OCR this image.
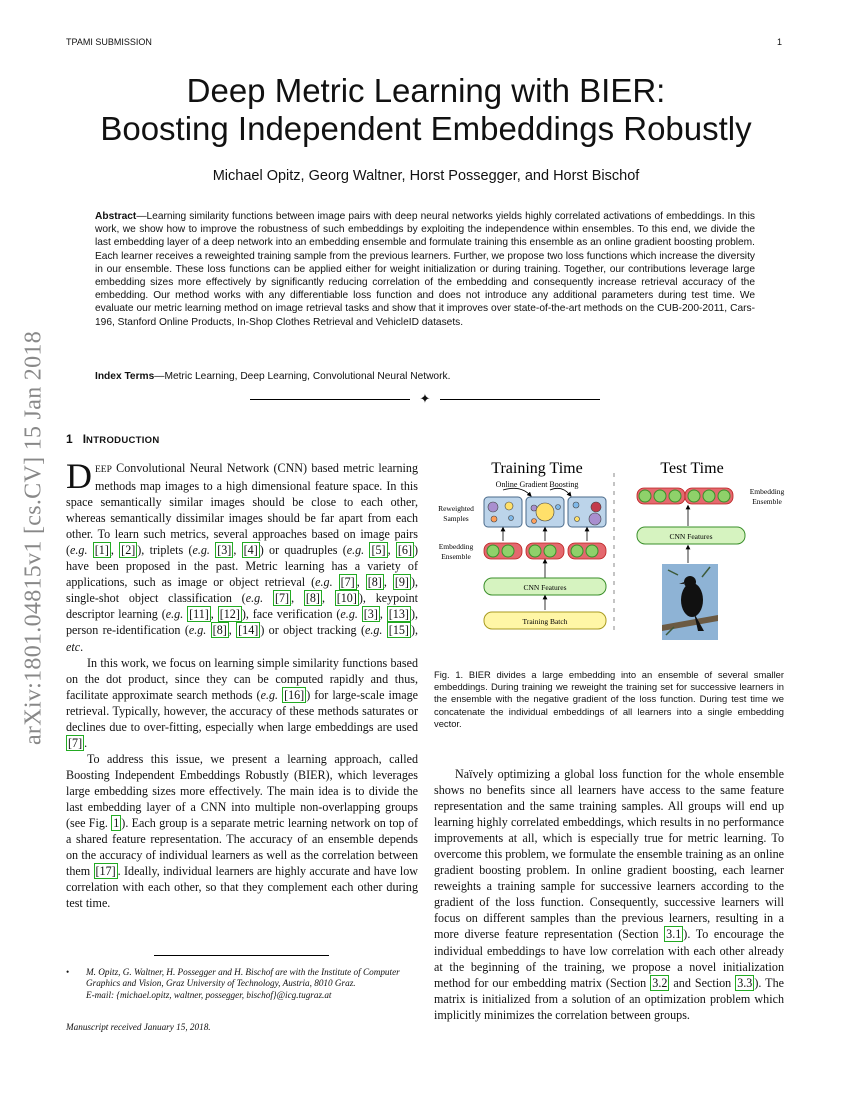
TPAMI SUBMISSION	1
arXiv:1801.04815v1 [cs.CV] 15 Jan 2018
Deep Metric Learning with BIER:
Boosting Independent Embeddings Robustly
Michael Opitz, Georg Waltner, Horst Possegger, and Horst Bischof
Abstract—Learning similarity functions between image pairs with deep neural networks yields highly correlated activations of embeddings. In this work, we show how to improve the robustness of such embeddings by exploiting the independence within ensembles. To this end, we divide the last embedding layer of a deep network into an embedding ensemble and formulate training this ensemble as an online gradient boosting problem. Each learner receives a reweighted training sample from the previous learners. Further, we propose two loss functions which increase the diversity in our ensemble. These loss functions can be applied either for weight initialization or during training. Together, our contributions leverage large embedding sizes more effectively by significantly reducing correlation of the embedding and consequently increase retrieval accuracy of the embedding. Our method works with any differentiable loss function and does not introduce any additional parameters during test time. We evaluate our metric learning method on image retrieval tasks and show that it improves over state-of-the-art methods on the CUB-200-2011, Cars-196, Stanford Online Products, In-Shop Clothes Retrieval and VehicleID datasets.
Index Terms—Metric Learning, Deep Learning, Convolutional Neural Network.
✦
1 INTRODUCTION

DEEP Convolutional Neural Network (CNN) based metric learning methods map images to a high dimensional feature space. In this space semantically similar images should be close to each other, whereas semantically dissimilar images should be far apart from each other. To learn such metrics, several approaches based on image pairs (e.g. [1] , [2] ), triplets (e.g. [3] , [4] ) or quadruples (e.g. [5] , [6] ) have been proposed in the past. Metric learning has a variety of applications, such as image or object retrieval (e.g. [7] , [8] , [9] ), single-shot object classification (e.g. [7] , [8] , [10] ), keypoint descriptor learning (e.g. [11] , [12] ), face verification (e.g. [3] , [13] ), person re-identification (e.g. [8] , [14] ) or object tracking (e.g. [15] ), etc.

In this work, we focus on learning simple similarity functions based on the dot product, since they can be computed rapidly and thus, facilitate approximate search methods (e.g. [16] ) for large-scale image retrieval. Typically, however, the accuracy of these methods saturates or declines due to over-fitting, especially when large embeddings are used [7] .

To address this issue, we present a learning approach, called Boosting Independent Embeddings Robustly (BIER), which leverages large embedding sizes more effectively. The main idea is to divide the last embedding layer of a CNN into multiple non-overlapping groups (see Fig. 1 ). Each group is a separate metric learning network on top of a shared feature representation. The accuracy of an ensemble depends on the accuracy of individual learners as well as the correlation between them [17] . Ideally, individual learners are highly accurate and have low correlation with each other, so that they complement each other during test time.

Naïvely optimizing a global loss function for the whole ensemble shows no benefits since all learners have access to the same feature representation and the same training samples. All groups will end up learning highly correlated embeddings, which results in no performance improvements at all, which is especially true for metric learning. To overcome this problem, we formulate the ensemble training as an online gradient boosting problem. In online gradient boosting, each learner reweights a training sample for successive learners according to the gradient of the loss function. Consequently, successive learners will focus on different samples than the previous learners, resulting in a more diverse feature representation (Section 3.1 ). To encourage the individual embeddings to have low correlation with each other already at the beginning of the training, we propose a novel initialization method for our embedding matrix (Section 3.2 and Section 3.3 ). The matrix is initialized from a solution of an optimization problem which implicitly minimizes the correlation between groups.

Training Time	Test Time
Online Gradient Boosting
Reweighted
Samples
Embedding
Ensemble
CNN Features
Training Batch
Embedding
Ensemble
CNN Features
Fig. 1. BIER divides a large embedding into an ensemble of several smaller embeddings. During training we reweight the training set for successive learners in the ensemble with the negative gradient of the loss function. During test time we concatenate the individual embeddings of all learners into a single embedding vector.
• M. Opitz, G. Waltner, H. Possegger and H. Bischof are with the Institute of Computer Graphics and Vision, Graz University of Technology, Austria, 8010 Graz.
E-mail: {michael.opitz, waltner, possegger, bischof}@icg.tugraz.at
Manuscript received January 15, 2018.
